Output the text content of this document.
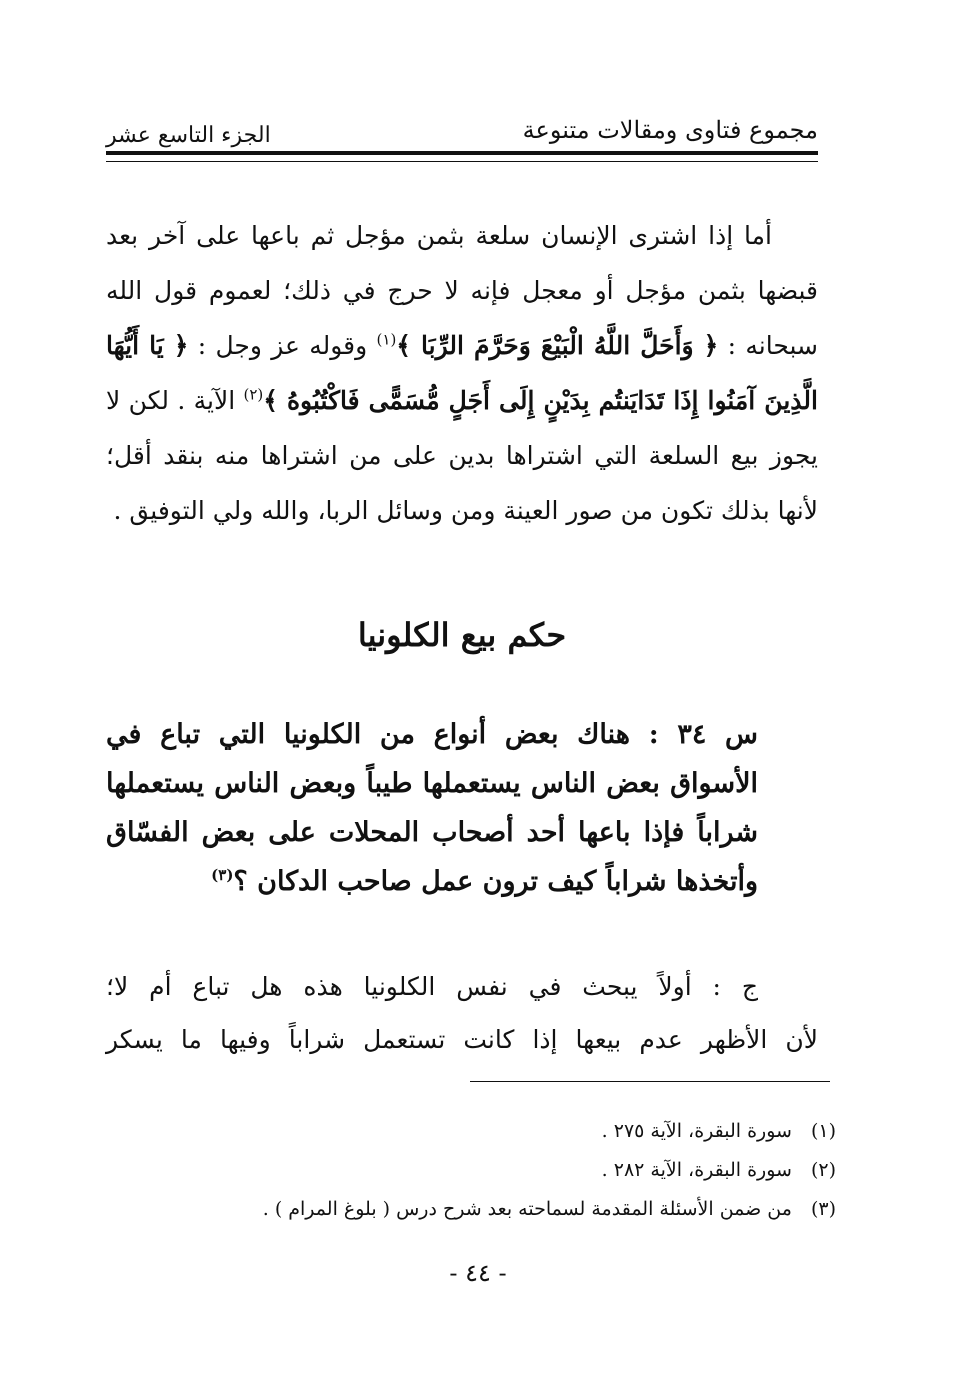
مجموع فتاوى ومقالات متنوعة
الجزء التاسع عشر

أما إذا اشترى الإنسان سلعة بثمن مؤجل ثم باعها على آخر بعد قبضها بثمن مؤجل أو معجل فإنه لا حرج في ذلك؛ لعموم قول الله سبحانه : ﴿ وَأَحَلَّ اللَّهُ الْبَيْعَ وَحَرَّمَ الرِّبَا ﴾$^{(١)}$ وقوله عز وجل : ﴿ يَا أَيُّهَا الَّذِينَ آمَنُوا إِذَا تَدَايَنتُم بِدَيْنٍ إِلَى أَجَلٍ مُّسَمًّى فَاكْتُبُوهُ ﴾$^{(٢)}$ الآية . لكن لا يجوز بيع السلعة التي اشتراها بدين على من اشتراها منه بنقد أقل؛ لأنها بذلك تكون من صور العينة ومن وسائل الربا، والله ولي التوفيق .

حكم بيع الكلونيا

س ٣٤ : هناك بعض أنواع من الكلونيا التي تباع في الأسواق بعض الناس يستعملها طيباً وبعض الناس يستعملها شراباً فإذا باعها أحد أصحاب المحلات على بعض الفسّاق وأتخذها شراباً كيف ترون عمل صاحب الدكان ؟$^{(٣)}$

ج : أولاً يبحث في نفس الكلونيا هذه هل تباع أم لا؛

لأن الأظهر عدم بيعها إذا كانت تستعمل شراباً وفيها ما يسكر

(١) سورة البقرة، الآية ٢٧٥ .
(٢) سورة البقرة، الآية ٢٨٢ .
(٣) من ضمن الأسئلة المقدمة لسماحته بعد شرح درس ( بلوغ المرام ) .
- ٤٤ -
